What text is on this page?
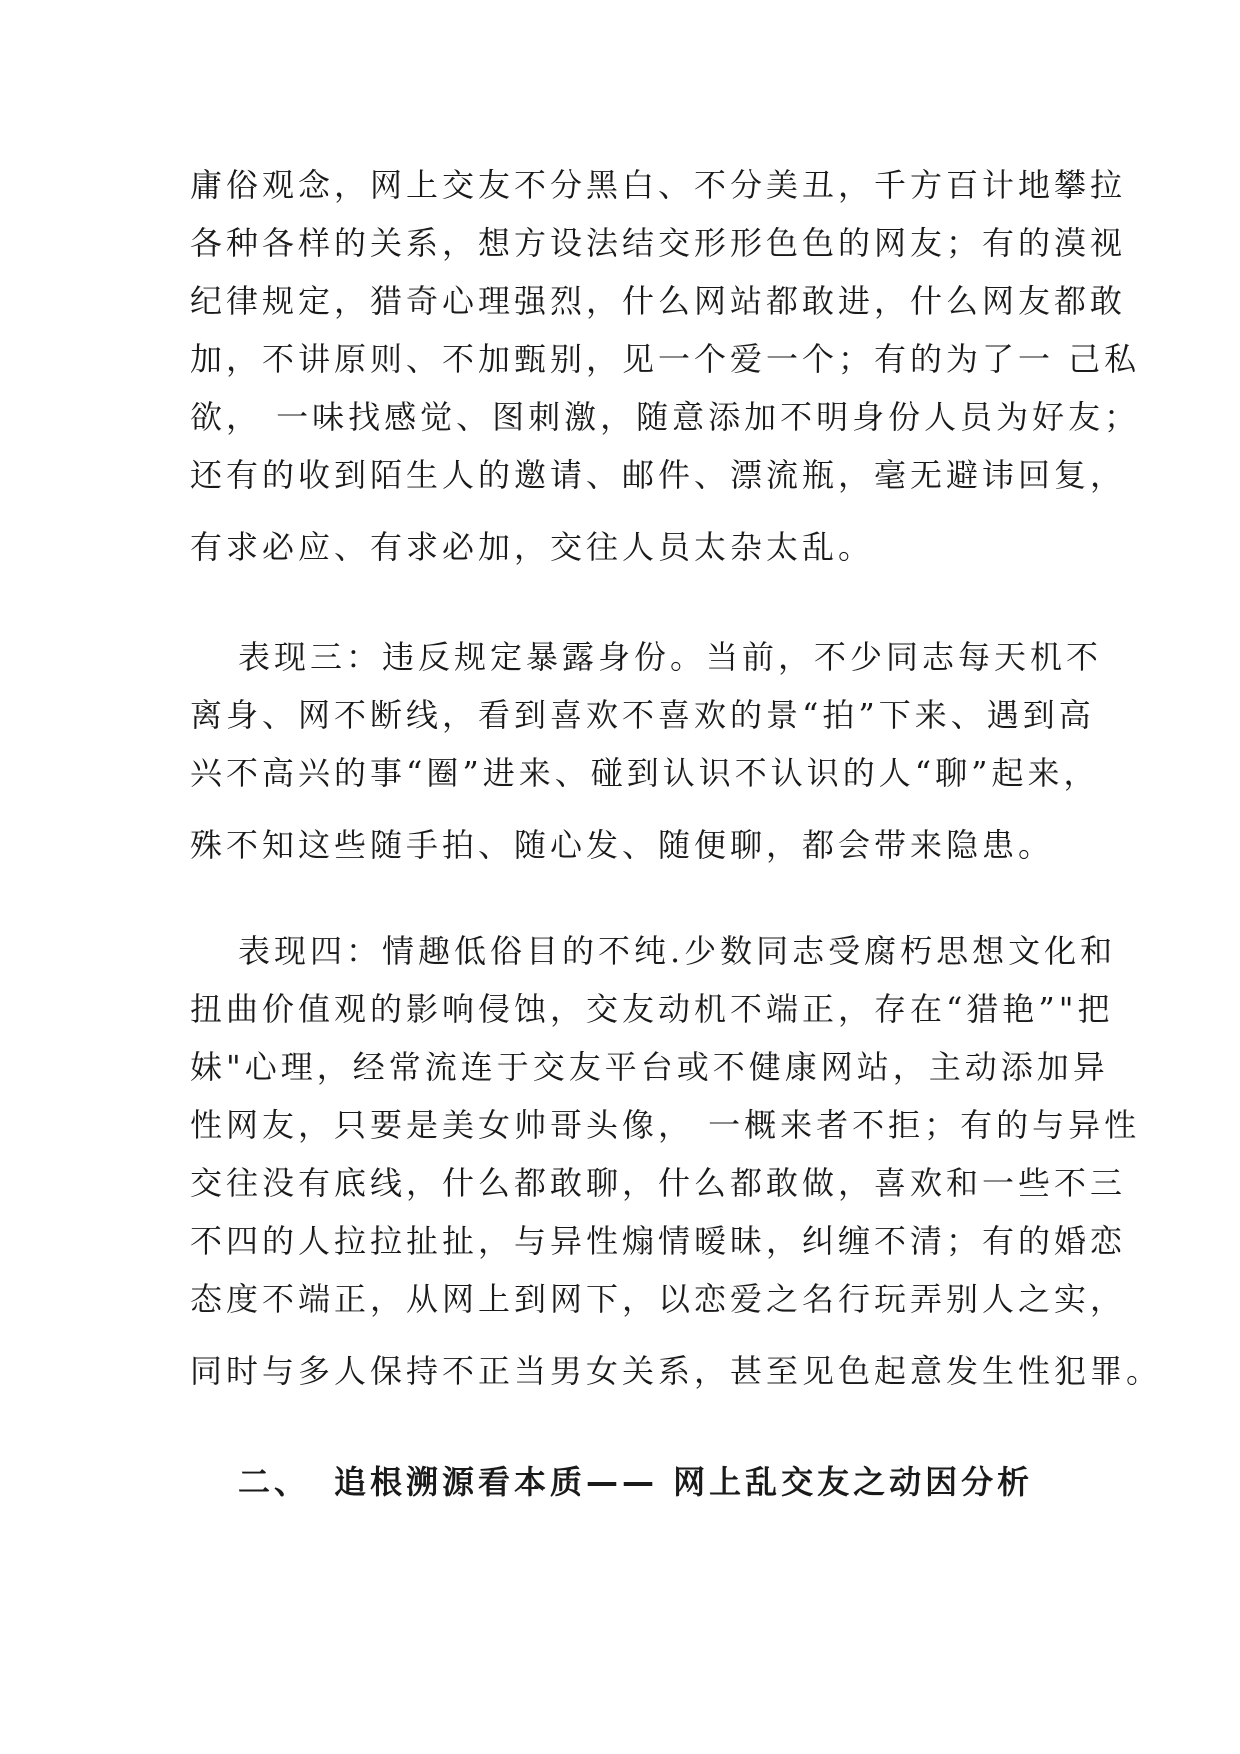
庸俗观念，网上交友不分黑白、不分美丑，千方百计地攀拉
各种各样的关系，想方设法结交形形色色的网友；有的漠视
纪律规定，猎奇心理强烈，什么网站都敢进，什么网友都敢
加，不讲原则、不加甄别，见一个爱一个；有的为了一 己私
欲， 一味找感觉、图刺激，随意添加不明身份人员为好友；
还有的收到陌生人的邀请、邮件、漂流瓶，毫无避讳回复，
有求必应、有求必加，交往人员太杂太乱。
表现三：违反规定暴露身份。当前，不少同志每天机不
离身、网不断线，看到喜欢不喜欢的景“拍”下来、遇到高
兴不高兴的事“圈”进来、碰到认识不认识的人“聊”起来，
殊不知这些随手拍、随心发、随便聊，都会带来隐患。
表现四：情趣低俗目的不纯.少数同志受腐朽思想文化和
扭曲价值观的影响侵蚀，交友动机不端正，存在“猎艳”"把
妹"心理，经常流连于交友平台或不健康网站，主动添加异
性网友，只要是美女帅哥头像， 一概来者不拒；有的与异性
交往没有底线，什么都敢聊，什么都敢做，喜欢和一些不三
不四的人拉拉扯扯，与异性煽情暧昧，纠缠不清；有的婚恋
态度不端正，从网上到网下，以恋爱之名行玩弄别人之实，
同时与多人保持不正当男女关系，甚至见色起意发生性犯罪。
二、 追根溯源看本质—— 网上乱交友之动因分析
